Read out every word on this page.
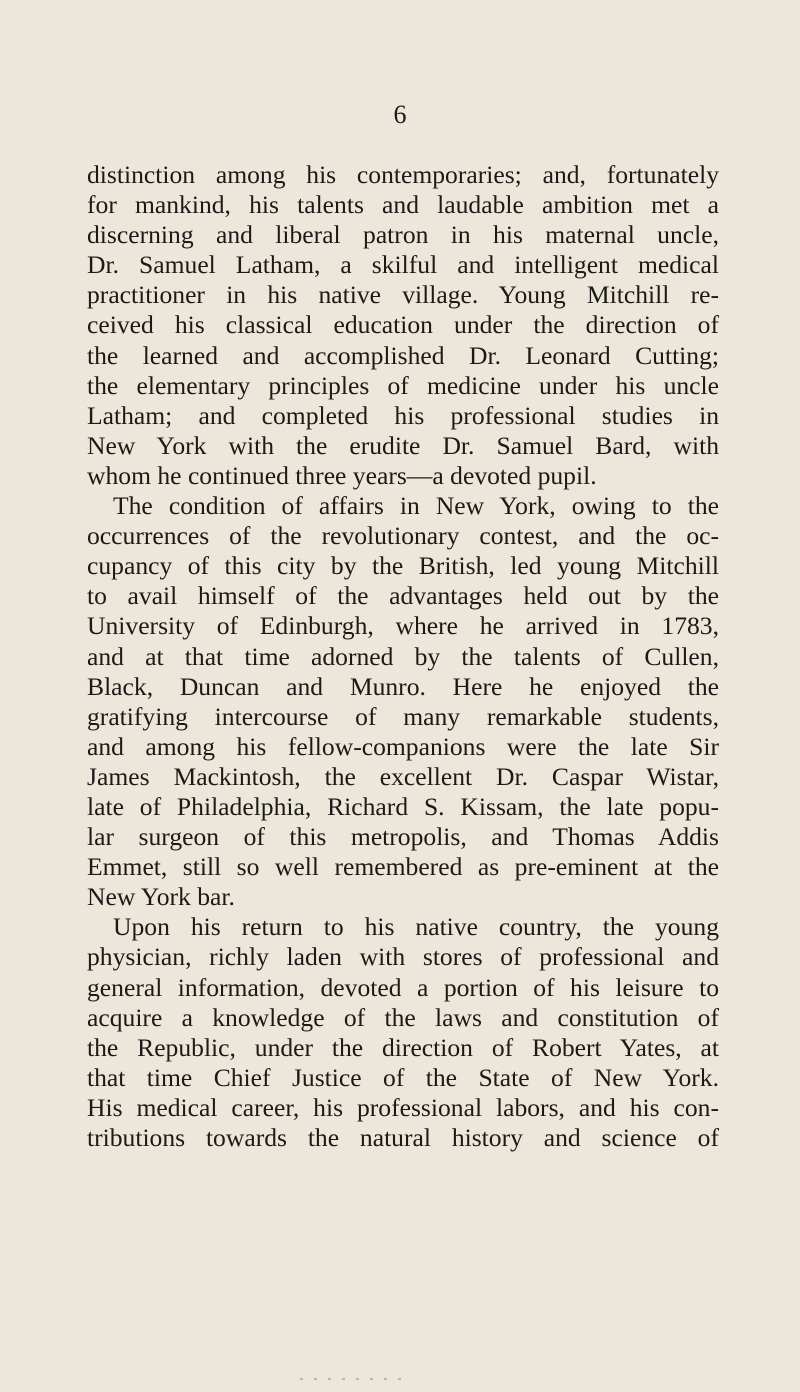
6
distinction among his contemporaries; and, fortunately
for mankind, his talents and laudable ambition met a
discerning and liberal patron in his maternal uncle,
Dr. Samuel Latham, a skilful and intelligent medical
practitioner in his native village. Young Mitchill re-
ceived his classical education under the direction of
the learned and accomplished Dr. Leonard Cutting;
the elementary principles of medicine under his uncle
Latham; and completed his professional studies in
New York with the erudite Dr. Samuel Bard, with
whom he continued three years—a devoted pupil.
The condition of affairs in New York, owing to the
occurrences of the revolutionary contest, and the oc-
cupancy of this city by the British, led young Mitchill
to avail himself of the advantages held out by the
University of Edinburgh, where he arrived in 1783,
and at that time adorned by the talents of Cullen,
Black, Duncan and Munro. Here he enjoyed the
gratifying intercourse of many remarkable students,
and among his fellow-companions were the late Sir
James Mackintosh, the excellent Dr. Caspar Wistar,
late of Philadelphia, Richard S. Kissam, the late popu-
lar surgeon of this metropolis, and Thomas Addis
Emmet, still so well remembered as pre-eminent at the
New York bar.
Upon his return to his native country, the young
physician, richly laden with stores of professional and
general information, devoted a portion of his leisure to
acquire a knowledge of the laws and constitution of
the Republic, under the direction of Robert Yates, at
that time Chief Justice of the State of New York.
His medical career, his professional labors, and his con-
tributions towards the natural history and science of
